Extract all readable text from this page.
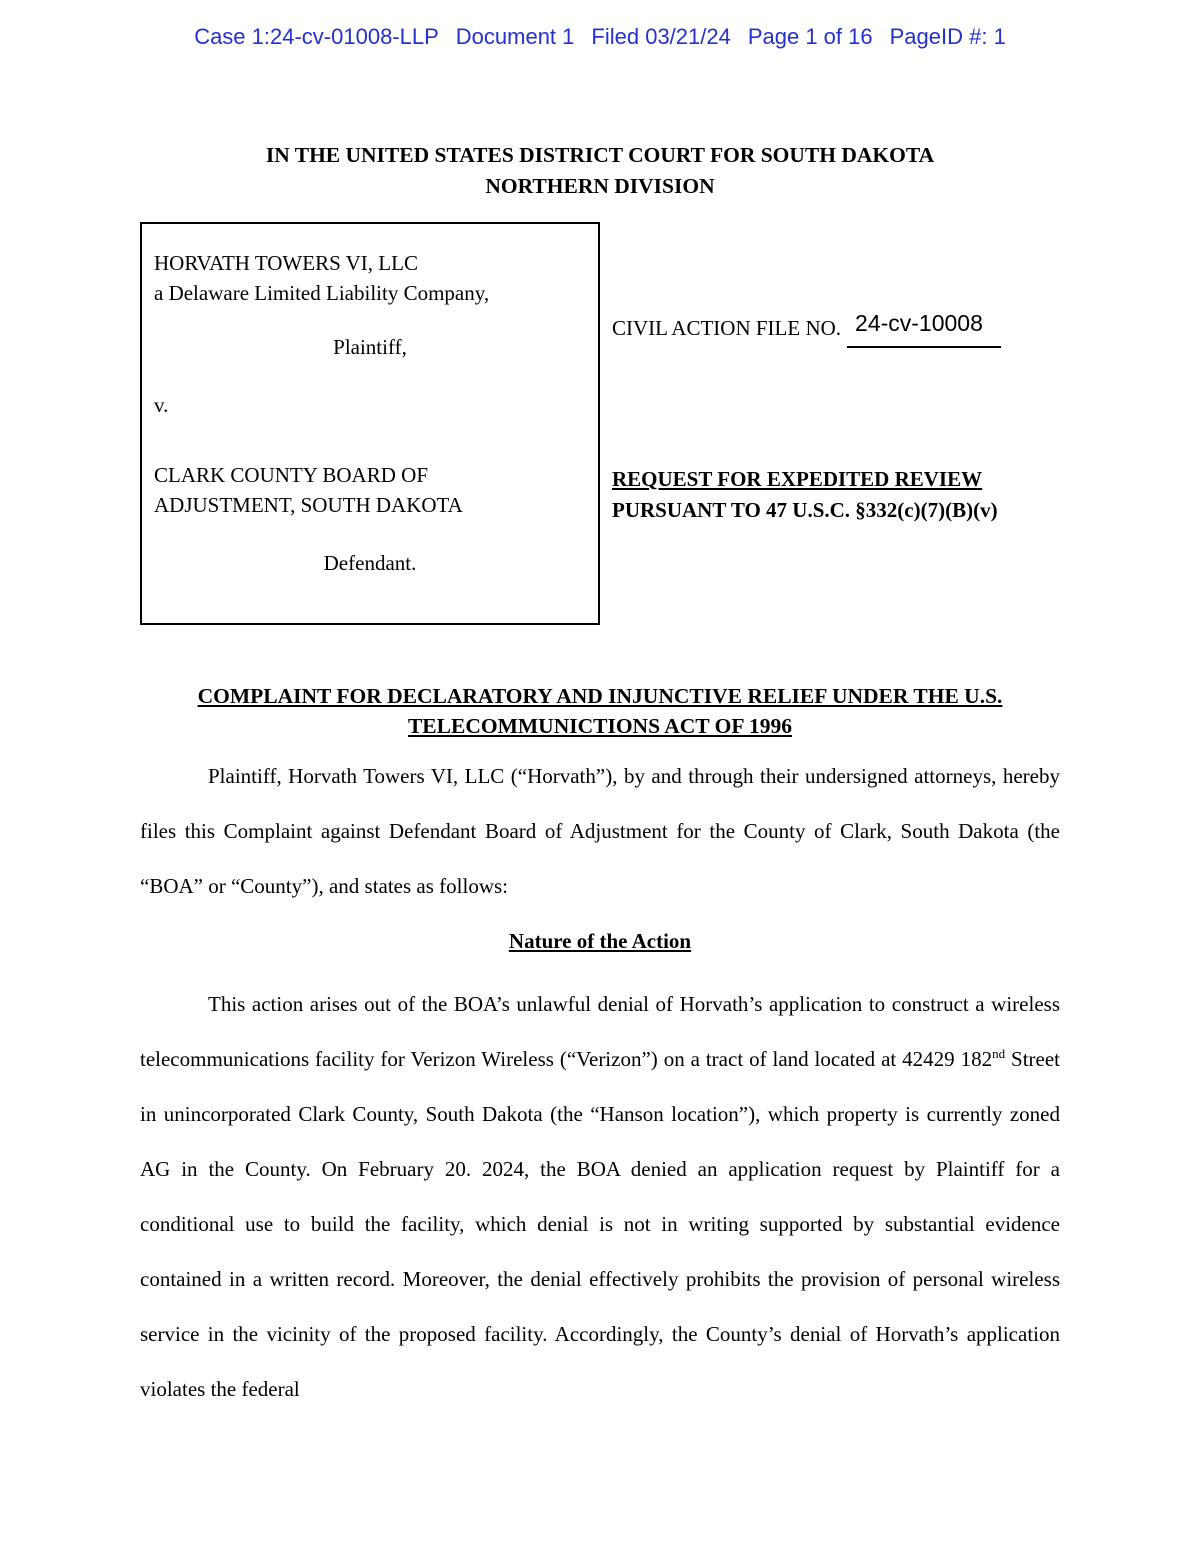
Case 1:24-cv-01008-LLP Document 1 Filed 03/21/24 Page 1 of 16 PageID #: 1
IN THE UNITED STATES DISTRICT COURT FOR SOUTH DAKOTA
NORTHERN DIVISION
HORVATH TOWERS VI, LLC
a Delaware Limited Liability Company,
Plaintiff,
v.
CLARK COUNTY BOARD OF
ADJUSTMENT, SOUTH DAKOTA
Defendant.
CIVIL ACTION FILE NO. 24-cv-10008
REQUEST FOR EXPEDITED REVIEW
PURSUANT TO 47 U.S.C. §332(c)(7)(B)(v)
COMPLAINT FOR DECLARATORY AND INJUNCTIVE RELIEF UNDER THE U.S.
TELECOMMUNICTIONS ACT OF 1996

Plaintiff, Horvath Towers VI, LLC (“Horvath”), by and through their undersigned attorneys, hereby files this Complaint against Defendant Board of Adjustment for the County of Clark, South Dakota (the “BOA” or “County”), and states as follows:

Nature of the Action

This action arises out of the BOA’s unlawful denial of Horvath’s application to construct a wireless telecommunications facility for Verizon Wireless (“Verizon”) on a tract of land located at 42429 182nd Street in unincorporated Clark County, South Dakota (the “Hanson location”), which property is currently zoned AG in the County. On February 20. 2024, the BOA denied an application request by Plaintiff for a conditional use to build the facility, which denial is not in writing supported by substantial evidence contained in a written record. Moreover, the denial effectively prohibits the provision of personal wireless service in the vicinity of the proposed facility. Accordingly, the County’s denial of Horvath’s application violates the federal
